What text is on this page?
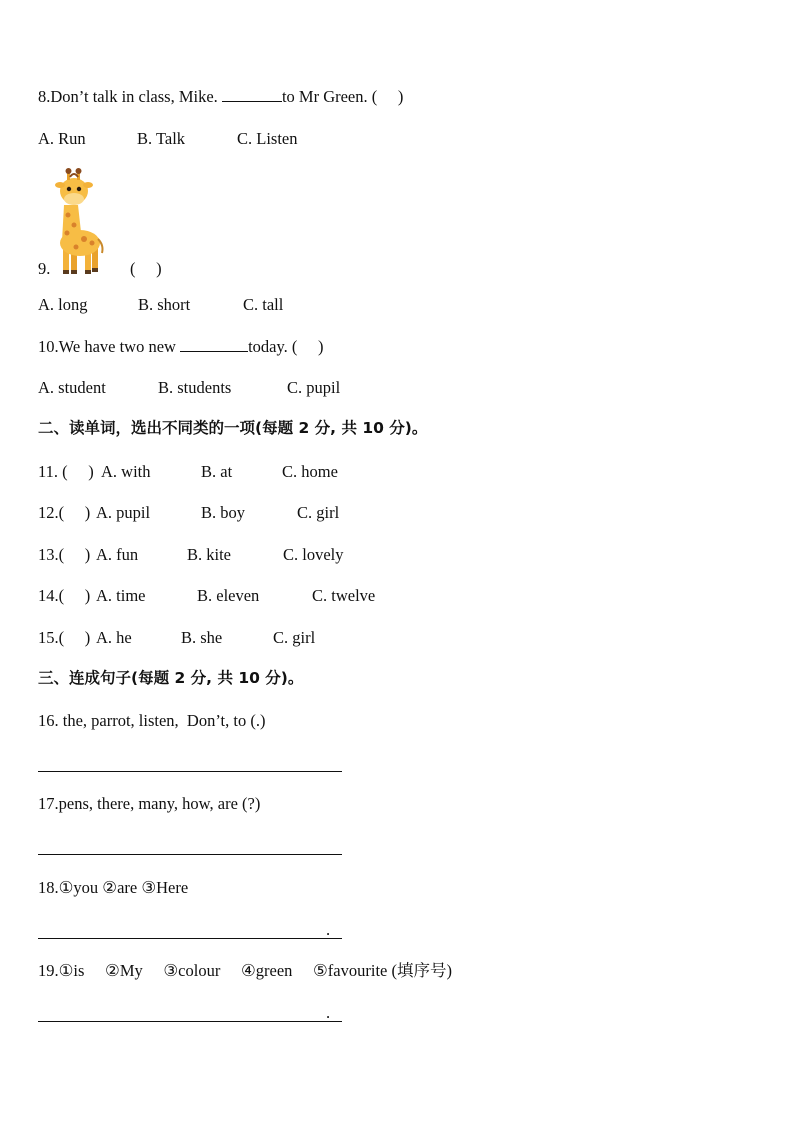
8.Don’t talk in class, Mike.	to Mr Green. (     )
A. Run	B. Talk	C. Listen
9.	(     )
A. long	B. short	C. tall
10.We have two new	today. (     )
A. student	B. students	C. pupil
二、读单词，选出不同类的一项(每题 2 分, 共 10 分)。
11. (     ) A. with	B. at	C. home
12.(     ) A. pupil	B. boy	C. girl
13.(     ) A. fun	B. kite	C. lovely
14.(     ) A. time	B. eleven	C. twelve
15.(     ) A. he	B. she	C. girl
三、连成句子(每题 2 分, 共 10 分)。
16. the, parrot, listen,  Don’t, to (.)
17.pens, there, many, how, are (?)
18.①you ②are ③Here
.
19.①is     ②My     ③colour     ④green     ⑤favourite (填序号)
.
